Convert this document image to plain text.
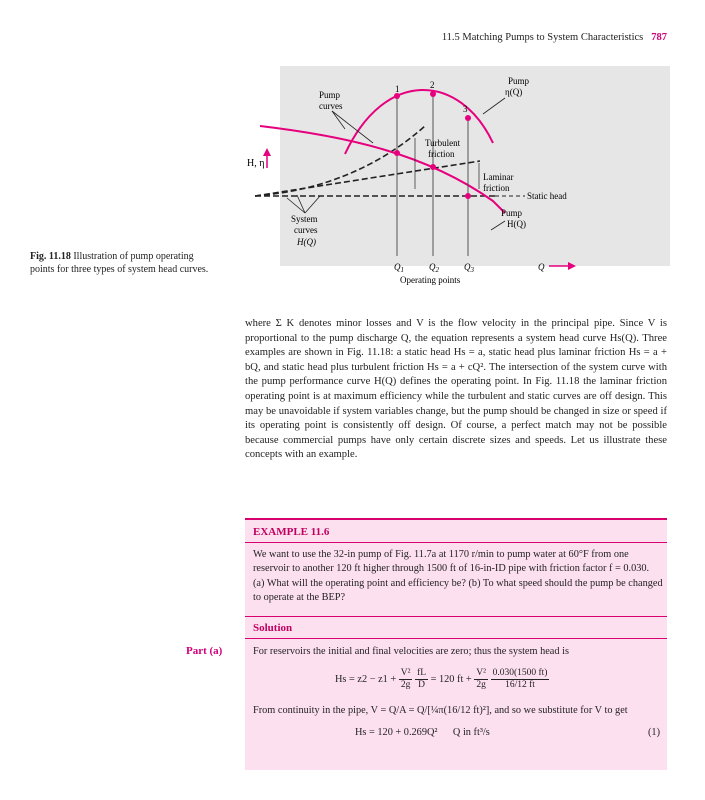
11.5 Matching Pumps to System Characteristics 787
H, η
1	2
3
Pump
curves
Pump
η(Q)
Turbulent
friction
Laminar
friction
Static head
Pump
H(Q)
System
curves
H(Q)
$Q_1$	$Q_2$	$Q_3$
Operating points
Q
Fig. 11.18 Illustration of pump operating points for three types of system head curves.
where Σ K denotes minor losses and V is the flow velocity in the principal pipe. Since V is proportional to the pump discharge Q, the equation represents a system head curve Hs(Q). Three examples are shown in Fig. 11.18: a static head Hs = a, static head plus laminar friction Hs = a + bQ, and static head plus turbulent friction Hs = a + cQ². The intersection of the system curve with the pump performance curve H(Q) defines the operating point. In Fig. 11.18 the laminar friction operating point is at maximum efficiency while the turbulent and static curves are off design. This may be unavoidable if system variables change, but the pump should be changed in size or speed if its operating point is consistently off design. Of course, a perfect match may not be possible because commercial pumps have only certain discrete sizes and speeds. Let us illustrate these concepts with an example.
EXAMPLE 11.6
We want to use the 32-in pump of Fig. 11.7a at 1170 r/min to pump water at 60°F from one reservoir to another 120 ft higher through 1500 ft of 16-in-ID pipe with friction factor f = 0.030. (a) What will the operating point and efficiency be? (b) To what speed should the pump be changed to operate at the BEP?
Solution
Part (a)	For reservoirs the initial and final velocities are zero; thus the system head is
$Hs = z2 - z1 + \frac{\text{V²}}{2g}$
$\frac{fL}{D} = 120$ ft + $\frac{\text{V²}}{2g}$
$\frac{0.030(1500 ft)}{16/12 ft}$
From continuity in the pipe, V = Q/A = Q/[¼π(16/12 ft)²], and so we substitute for V to get
Hs = 120 + 0.269Q²      Q in ft³/s	(1)
